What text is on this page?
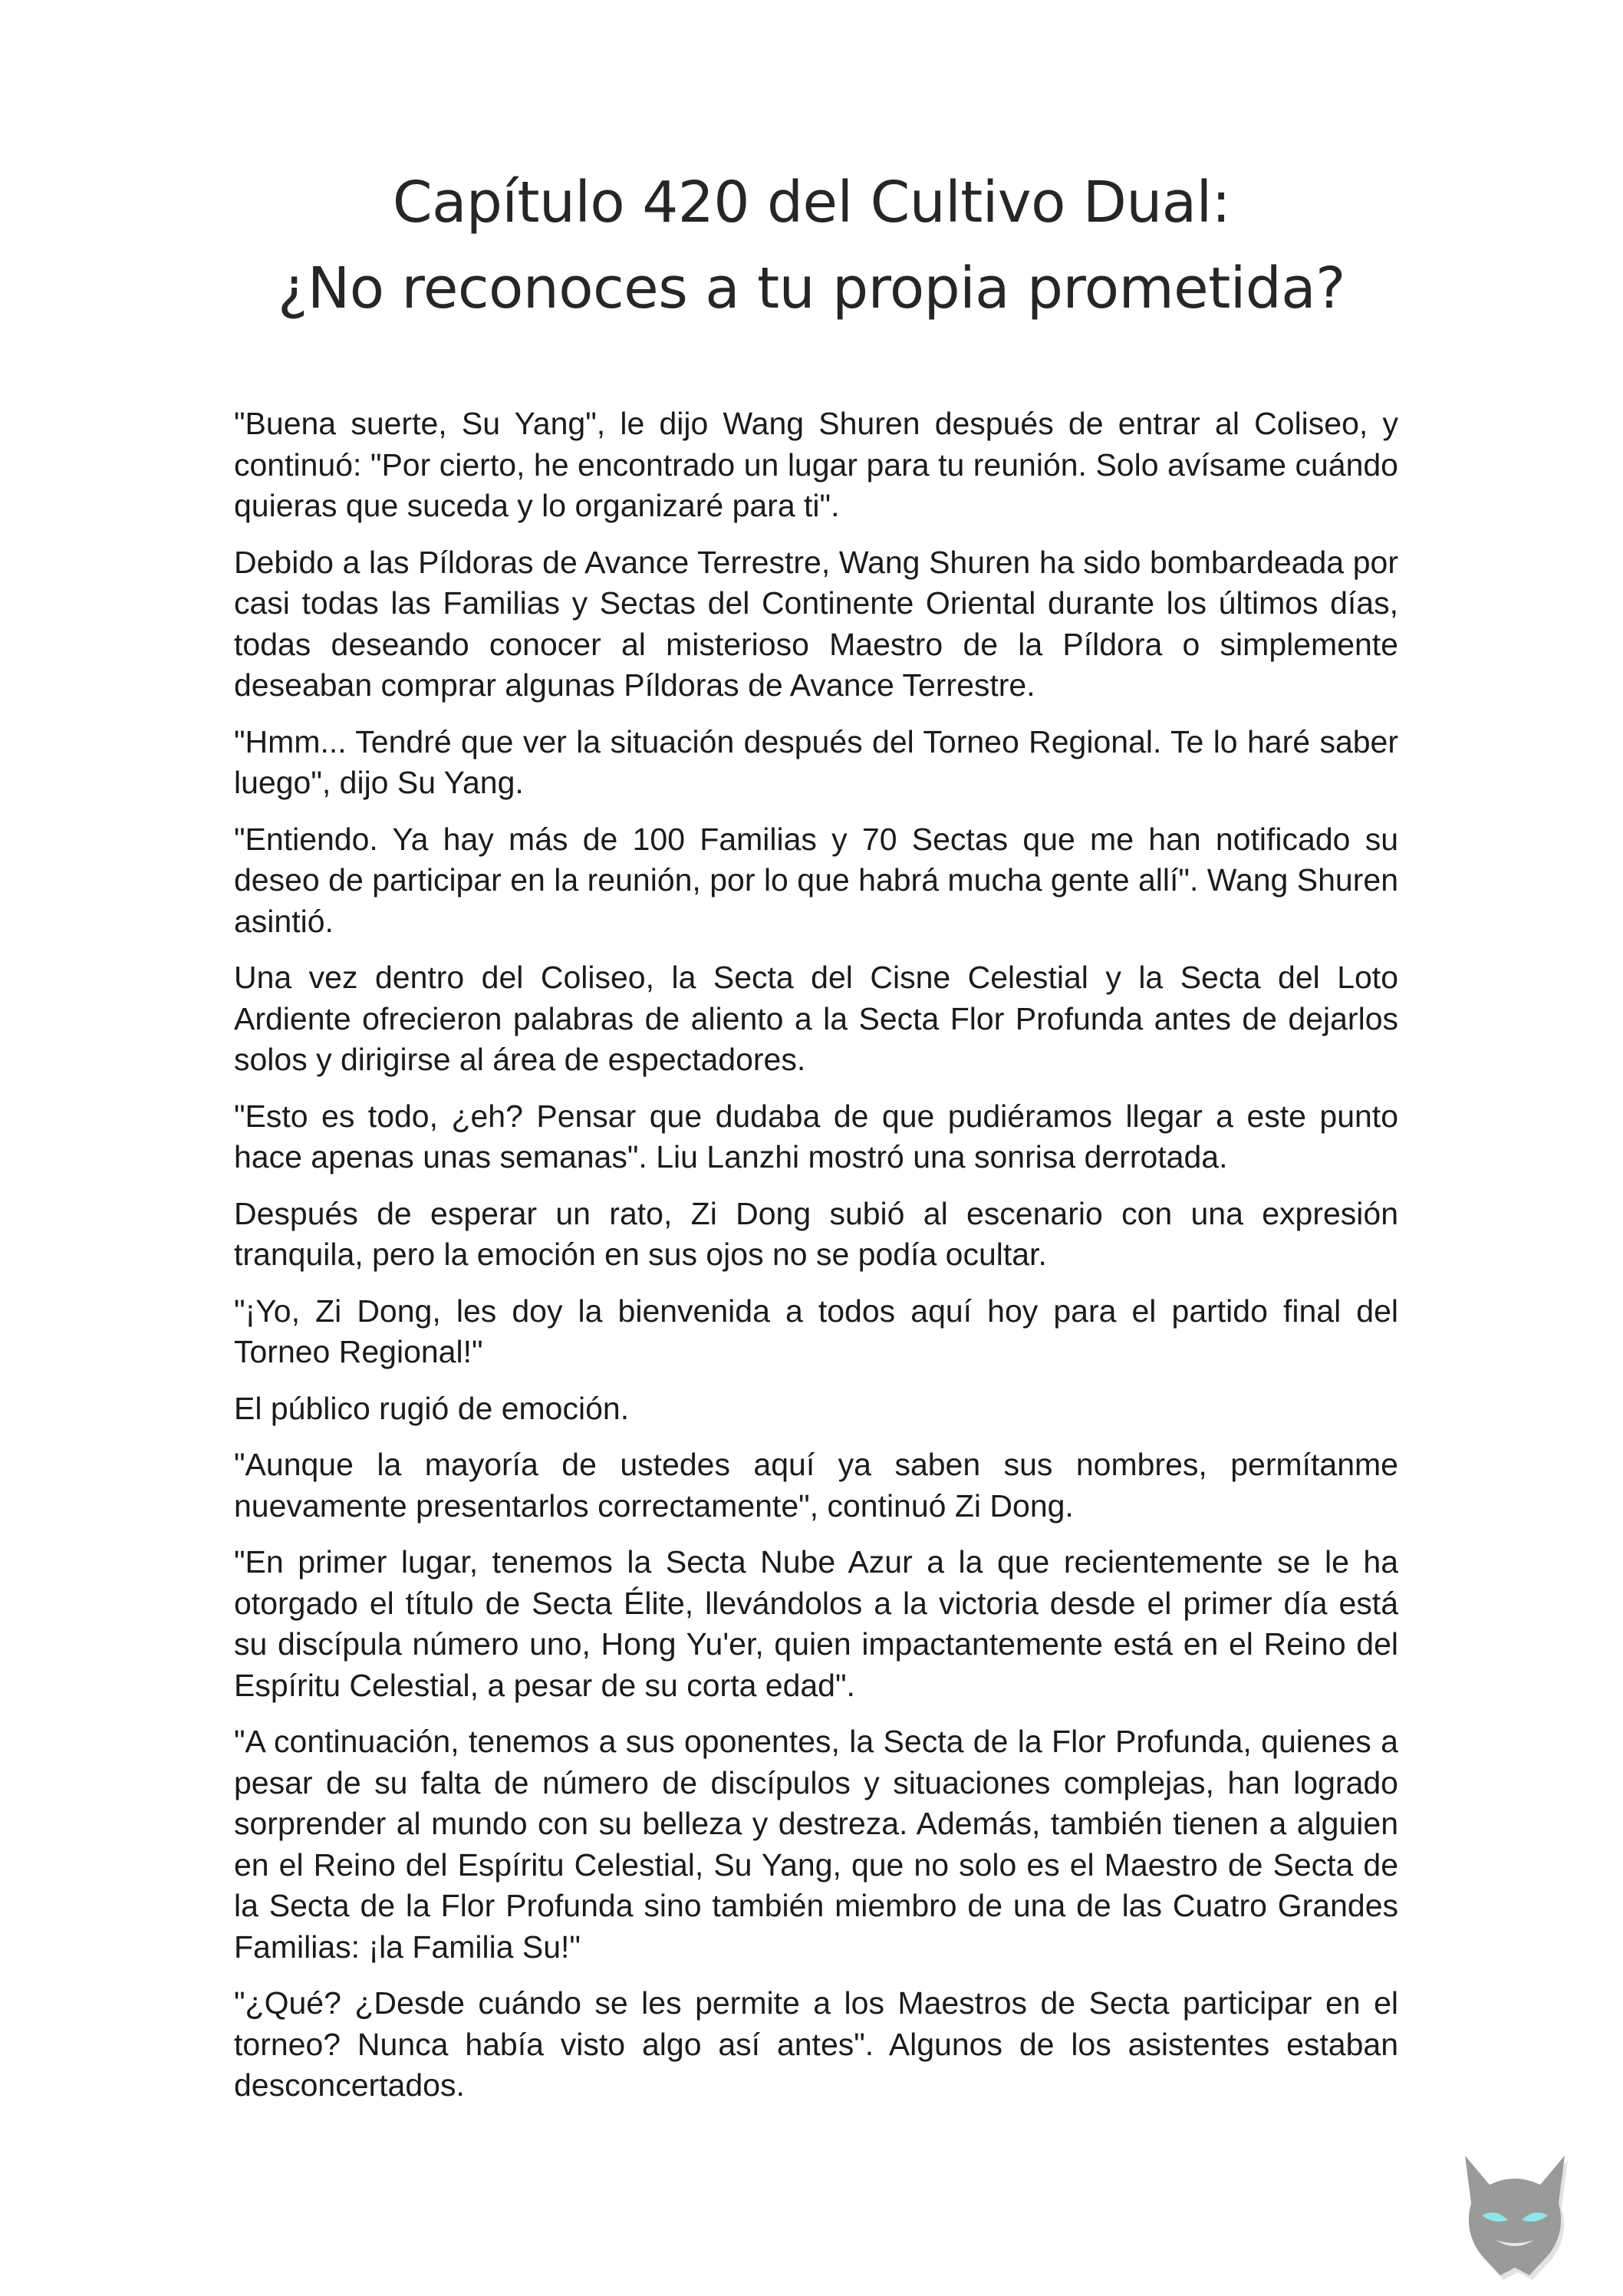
Capítulo 420 del Cultivo Dual:
¿No reconoces a tu propia prometida?

"Buena suerte, Su Yang", le dijo Wang Shuren después de entrar al Coliseo, y continuó: "Por cierto, he encontrado un lugar para tu reunión. Solo avísame cuándo quieras que suceda y lo organizaré para ti".

Debido a las Píldoras de Avance Terrestre, Wang Shuren ha sido bombardeada por casi todas las Familias y Sectas del Continente Oriental durante los últimos días, todas deseando conocer al misterioso Maestro de la Píldora o simplemente deseaban comprar algunas Píldoras de Avance Terrestre.

"Hmm... Tendré que ver la situación después del Torneo Regional. Te lo haré saber luego", dijo Su Yang.

"Entiendo. Ya hay más de 100 Familias y 70 Sectas que me han notificado su deseo de participar en la reunión, por lo que habrá mucha gente allí". Wang Shuren asintió.

Una vez dentro del Coliseo, la Secta del Cisne Celestial y la Secta del Loto Ardiente ofrecieron palabras de aliento a la Secta Flor Profunda antes de dejarlos solos y dirigirse al área de espectadores.

"Esto es todo, ¿eh? Pensar que dudaba de que pudiéramos llegar a este punto hace apenas unas semanas". Liu Lanzhi mostró una sonrisa derrotada.

Después de esperar un rato, Zi Dong subió al escenario con una expresión tranquila, pero la emoción en sus ojos no se podía ocultar.

"¡Yo, Zi Dong, les doy la bienvenida a todos aquí hoy para el partido final del Torneo Regional!"

El público rugió de emoción.

"Aunque la mayoría de ustedes aquí ya saben sus nombres, permítanme nuevamente presentarlos correctamente", continuó Zi Dong.

"En primer lugar, tenemos la Secta Nube Azur a la que recientemente se le ha otorgado el título de Secta Élite, llevándolos a la victoria desde el primer día está su discípula número uno, Hong Yu'er, quien impactantemente está en el Reino del Espíritu Celestial, a pesar de su corta edad".

"A continuación, tenemos a sus oponentes, la Secta de la Flor Profunda, quienes a pesar de su falta de número de discípulos y situaciones complejas, han logrado sorprender al mundo con su belleza y destreza. Además, también tienen a alguien en el Reino del Espíritu Celestial, Su Yang, que no solo es el Maestro de Secta de la Secta de la Flor Profunda sino también miembro de una de las Cuatro Grandes Familias: ¡la Familia Su!"

"¿Qué? ¿Desde cuándo se les permite a los Maestros de Secta participar en el torneo? Nunca había visto algo así antes". Algunos de los asistentes estaban desconcertados.
